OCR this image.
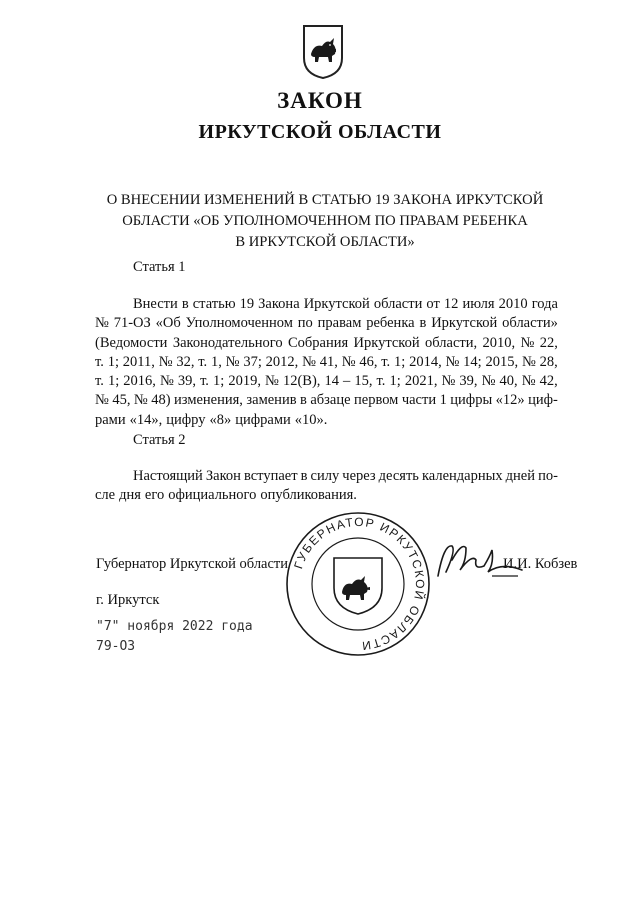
ЗАКОН
ИРКУТСКОЙ ОБЛАСТИ
О ВНЕСЕНИИ ИЗМЕНЕНИЙ В СТАТЬЮ 19 ЗАКОНА ИРКУТСКОЙ
ОБЛАСТИ «ОБ УПОЛНОМОЧЕННОМ ПО ПРАВАМ РЕБЕНКА
В ИРКУТСКОЙ ОБЛАСТИ»
Статья 1
Внести в статью 19 Закона Иркутской области от 12 июля 2010 года
№ 71-ОЗ «Об Уполномоченном по правам ребенка в Иркутской области»
(Ведомости Законодательного Собрания Иркутской области, 2010, № 22,
т. 1; 2011, № 32, т. 1, № 37; 2012, № 41, № 46, т. 1; 2014, № 14; 2015, № 28,
т. 1; 2016, № 39, т. 1; 2019, № 12(В), 14 – 15, т. 1; 2021, № 39, № 40, № 42,
№ 45, № 48) изменения, заменив в абзаце первом части 1 цифры «12» циф-
рами «14», цифру «8» цифрами «10».
Статья 2
Настоящий Закон вступает в силу через десять календарных дней по-
сле дня его официального опубликования.
Губернатор Иркутской области	И.И. Кобзев
г. Иркутск
"7" ноября 2022 года
79-ОЗ
ГУБЕРНАТОР ИРКУТСКОЙ ОБЛАСТИ
